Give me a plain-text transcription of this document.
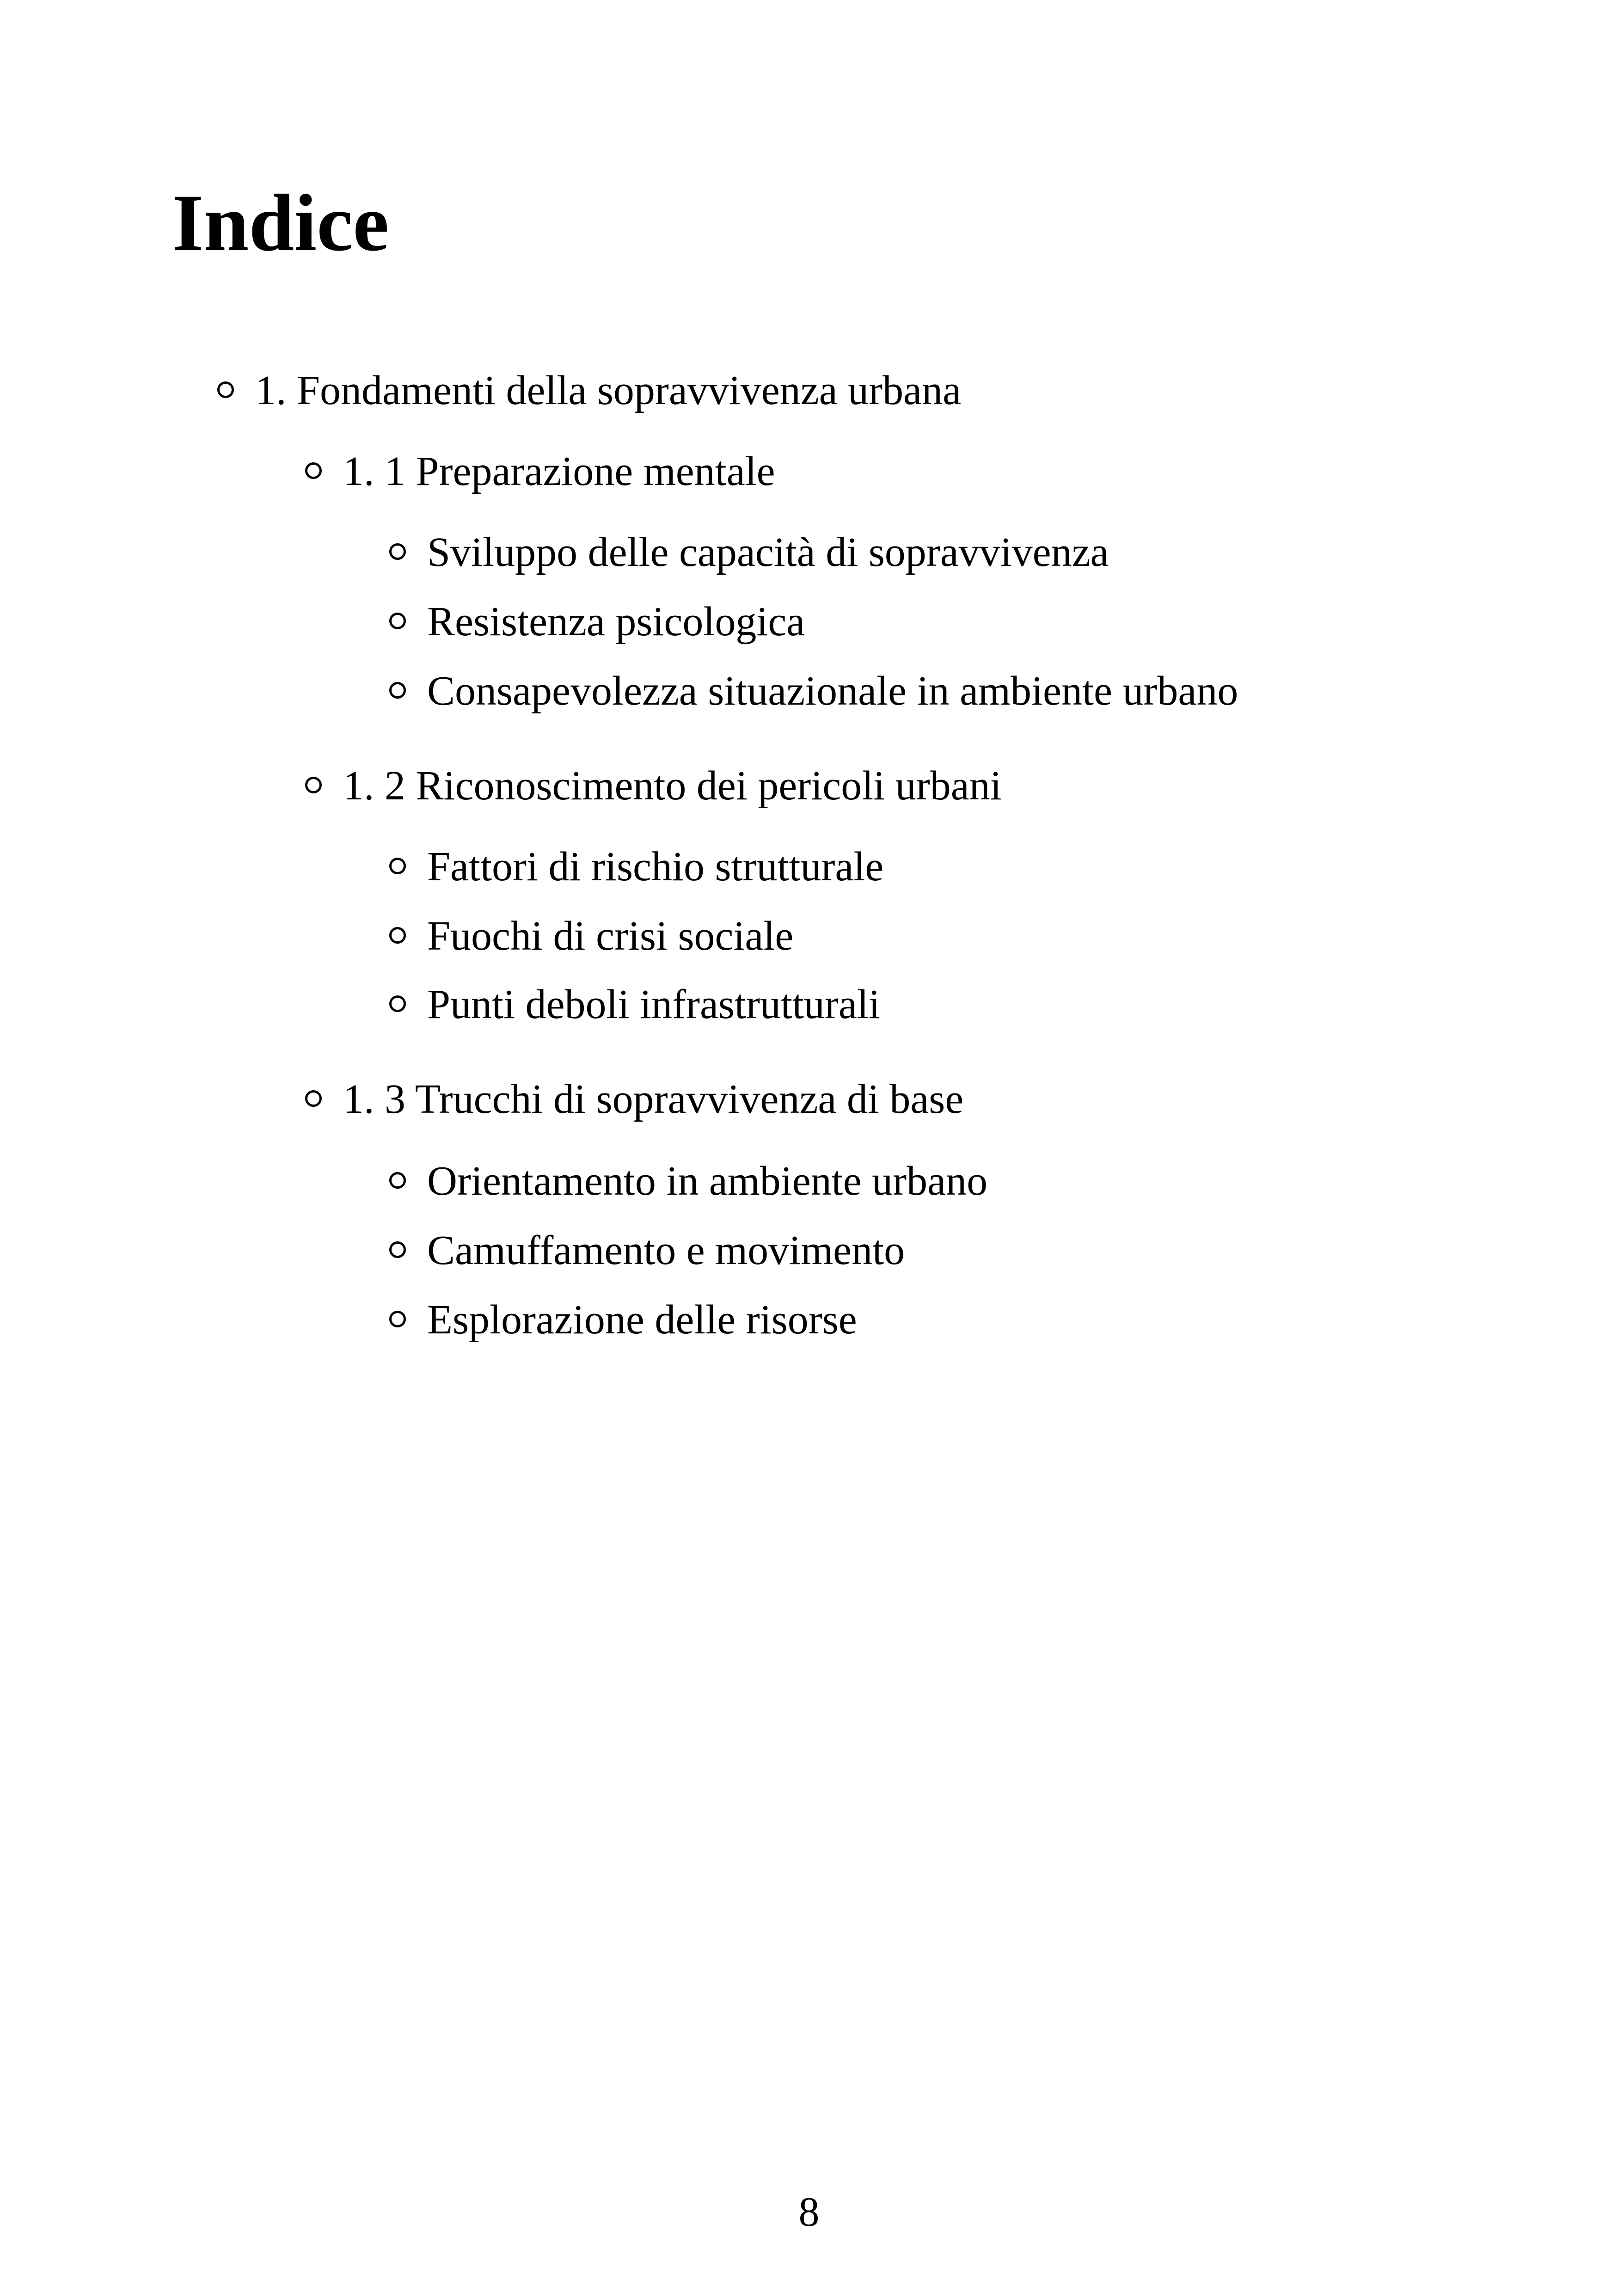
Indice
1. Fondamenti della sopravvivenza urbana
1. 1 Preparazione mentale
Sviluppo delle capacità di sopravvivenza
Resistenza psicologica
Consapevolezza situazionale in ambiente urbano
1. 2 Riconoscimento dei pericoli urbani
Fattori di rischio strutturale
Fuochi di crisi sociale
Punti deboli infrastrutturali
1. 3 Trucchi di sopravvivenza di base
Orientamento in ambiente urbano
Camuffamento e movimento
Esplorazione delle risorse
8
